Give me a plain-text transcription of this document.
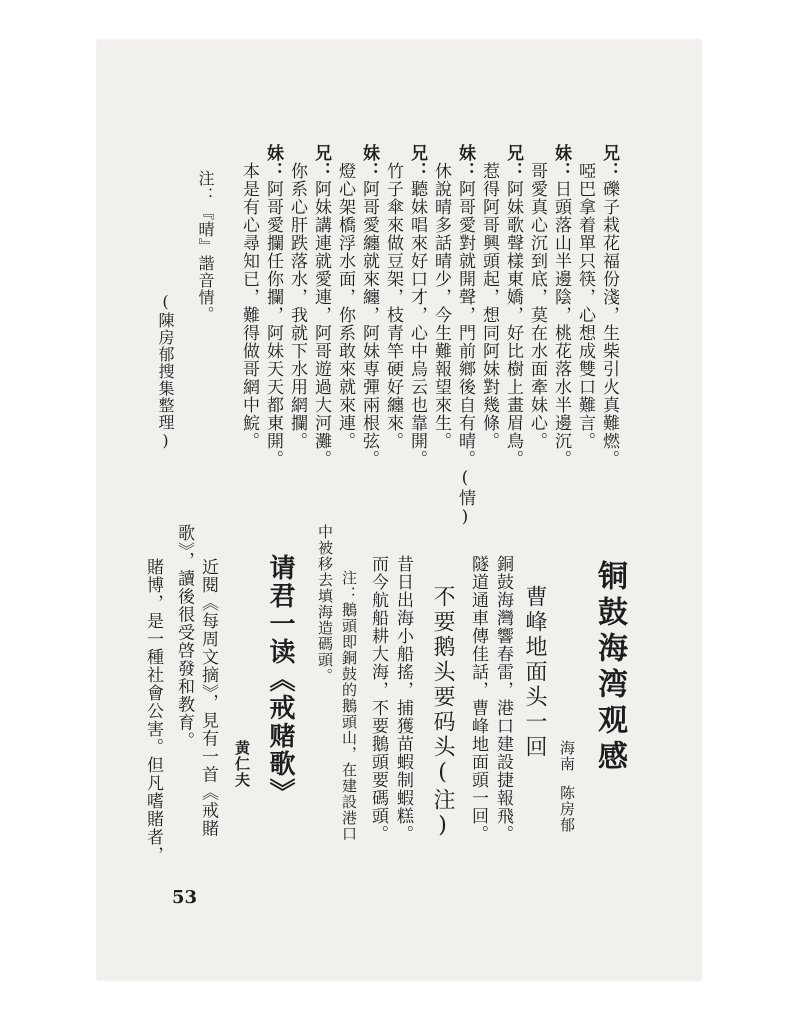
兄：礫子栽花福份淺，生柴引火真難燃。
啞巴拿着單只筷，心想成雙口難言。
妹：日頭落山半邊陰，桃花落水半邊沉。
哥愛真心沉到底，莫在水面牽妹心。
兄：阿妹歌聲樣東嬌，好比樹上畫眉鳥。
惹得阿哥興頭起，想同阿妹對幾條。
妹：阿哥愛對就開聲，門前鄉後自有晴。(情)
休說晴多話晴少，今生難報望來生。
兄：聽妹唱來好口才，心中烏云也靠開。
竹子傘來做豆架，枝青竿硬好纏來。
妹：阿哥愛纏就來纏，阿妹専彈兩根弦。
燈心架橋浮水面，你系敢來就來連。
兄：阿妹講連就愛連，阿哥遊過大河灘。
你系心肝跌落水，我就下水用網攔。
妹：阿哥愛攔任你攔，阿妹天天都東開。
本是有心尋知已，難得做哥網中鯇。
注：『晴』諧音情。
(陳房郁搜集整理)
铜鼓海湾观感
海南
陈房郁
曹峰地面头一回
銅鼓海灣響春雷，港口建設捷報飛。
隧道通車傳佳話，曹峰地面頭一回。
不要鹅头要码头(注)
昔日出海小船搖，捕獲苗蝦制蝦糕。
而今航船耕大海，不要鵝頭要碼頭。
注：鵝頭即銅鼓的鵝頭山，在建設港口
中被移去填海造碼頭。
请君一读《戒赌歌》
黄仁夫
近閱《每周文摘》，見有一首《戒賭
歌》，讀後很受啓發和教育。
賭博，是一種社會公害。但凡嗜賭者，
53
